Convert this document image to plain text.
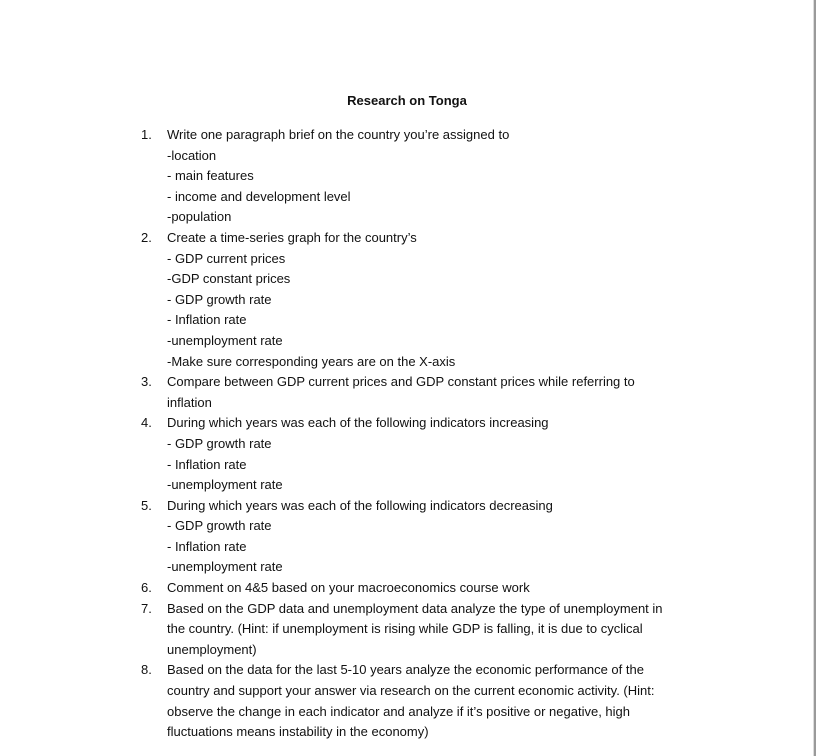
Research on Tonga
1.	Write one paragraph brief on the country you’re assigned to
-location
- main features
- income and development level
-population
2.	Create a time-series graph for the country’s
- GDP current prices
-GDP constant prices
- GDP growth rate
- Inflation rate
-unemployment rate
-Make sure corresponding years are on the X-axis
3.	Compare between GDP current prices and GDP constant prices while referring to
inflation
4.	During which years was each of the following indicators increasing
- GDP growth rate
- Inflation rate
-unemployment rate
5.	During which years was each of the following indicators decreasing
- GDP growth rate
- Inflation rate
-unemployment rate
6.	Comment on 4&5 based on your macroeconomics course work
7.	Based on the GDP data and unemployment data analyze the type of unemployment in
the country. (Hint: if unemployment is rising while GDP is falling, it is due to cyclical
unemployment)
8.	Based on the data for the last 5-10 years analyze the economic performance of the
country and support your answer via research on the current economic activity. (Hint:
observe the change in each indicator and analyze if it’s positive or negative, high
fluctuations means instability in the economy)
